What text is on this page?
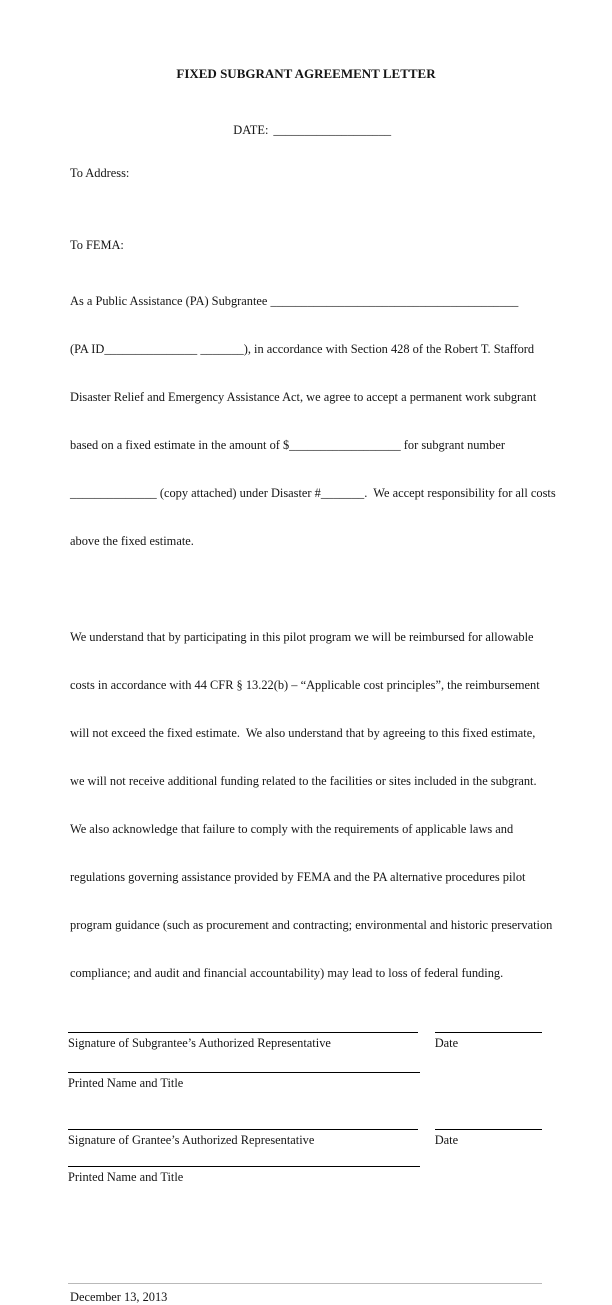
FIXED SUBGRANT AGREEMENT LETTER

DATE: ___________________

To Address:
To FEMA:

As a Public Assistance (PA) Subgrantee ________________________________________

(PA ID_______________ _______), in accordance with Section 428 of the Robert T. Stafford

Disaster Relief and Emergency Assistance Act, we agree to accept a permanent work subgrant

based on a fixed estimate in the amount of $__________________ for subgrant number

______________ (copy attached) under Disaster #_______.  We accept responsibility for all costs

above the fixed estimate.

We understand that by participating in this pilot program we will be reimbursed for allowable

costs in accordance with 44 CFR § 13.22(b) – “Applicable cost principles”, the reimbursement

will not exceed the fixed estimate.  We also understand that by agreeing to this fixed estimate,

we will not receive additional funding related to the facilities or sites included in the subgrant.

We also acknowledge that failure to comply with the requirements of applicable laws and

regulations governing assistance provided by FEMA and the PA alternative procedures pilot

program guidance (such as procurement and contracting; environmental and historic preservation

compliance; and audit and financial accountability) may lead to loss of federal funding.

Signature of Subgrantee’s Authorized Representative	Date
Printed Name and Title
Signature of Grantee’s Authorized Representative	Date
Printed Name and Title
December 13, 2013
